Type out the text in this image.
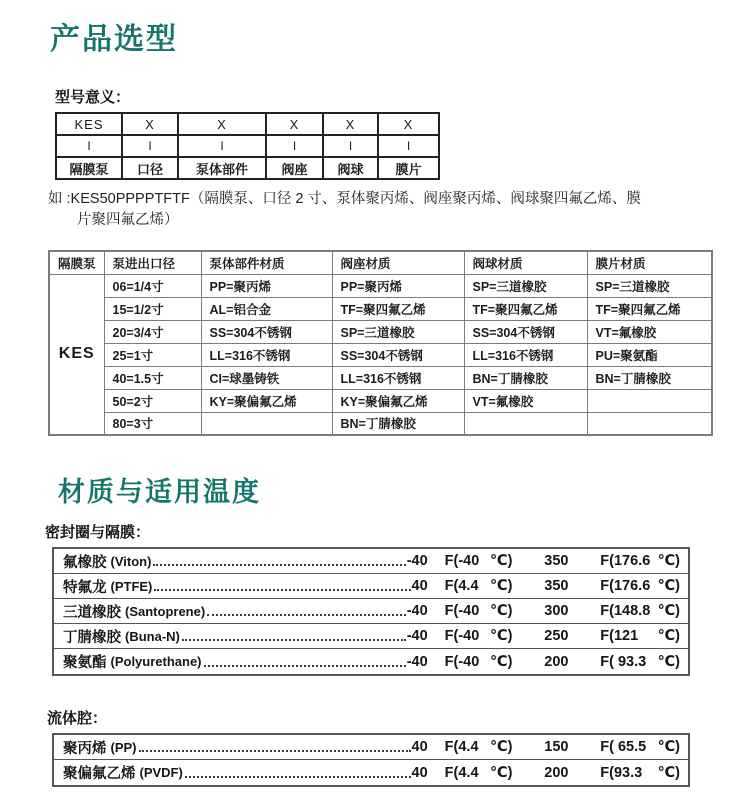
产品选型
型号意义：
KES	X	X	X	X	X
I	I	I	I	I	I
隔膜泵	口径	泵体部件	阀座	阀球	膜片
如 :KES50PPPPTFTF（隔膜泵、口径 2 寸、泵体聚丙烯、阀座聚丙烯、阀球聚四氟乙烯、膜
片聚四氟乙烯）
隔膜泵	泵进出口径	泵体部件材质	阀座材质	阀球材质	膜片材质
KES	06=1/4寸	PP=聚丙烯	PP=聚丙烯	SP=三道橡胶	SP=三道橡胶
	15=1/2寸	AL=铝合金	TF=聚四氟乙烯	TF=聚四氟乙烯	TF=聚四氟乙烯
	20=3/4寸	SS=304不锈钢	SP=三道橡胶	SS=304不锈钢	VT=氟橡胶
	25=1寸	LL=316不锈钢	SS=304不锈钢	LL=316不锈钢	PU=聚氨酯
	40=1.5寸	CI=球墨铸铁	LL=316不锈钢	BN=丁腈橡胶	BN=丁腈橡胶
	50=2寸	KY=聚偏氟乙烯	KY=聚偏氟乙烯	VT=氟橡胶	
	80=3寸		BN=丁腈橡胶		
材质与适用温度
密封圈与隔膜：
氟橡胶 (Viton)	-40 F(-40 ℃)	350	F(176.6 ℃)
特氟龙 (PTFE)	40 F(4.4 ℃)	350	F(176.6 ℃)
三道橡胶 (Santoprene)	-40 F(-40 ℃)	300	F(148.8 ℃)
丁腈橡胶 (Buna-N)	-40 F(-40 ℃)	250	F(121 ℃)
聚氨酯 (Polyurethane)	-40 F(-40 ℃)	200	F( 93.3 ℃)
流体腔：
聚丙烯 (PP)	40 F(4.4 ℃)	150	F( 65.5 ℃)
聚偏氟乙烯 (PVDF)	40 F(4.4 ℃)	200	F(93.3 ℃)
